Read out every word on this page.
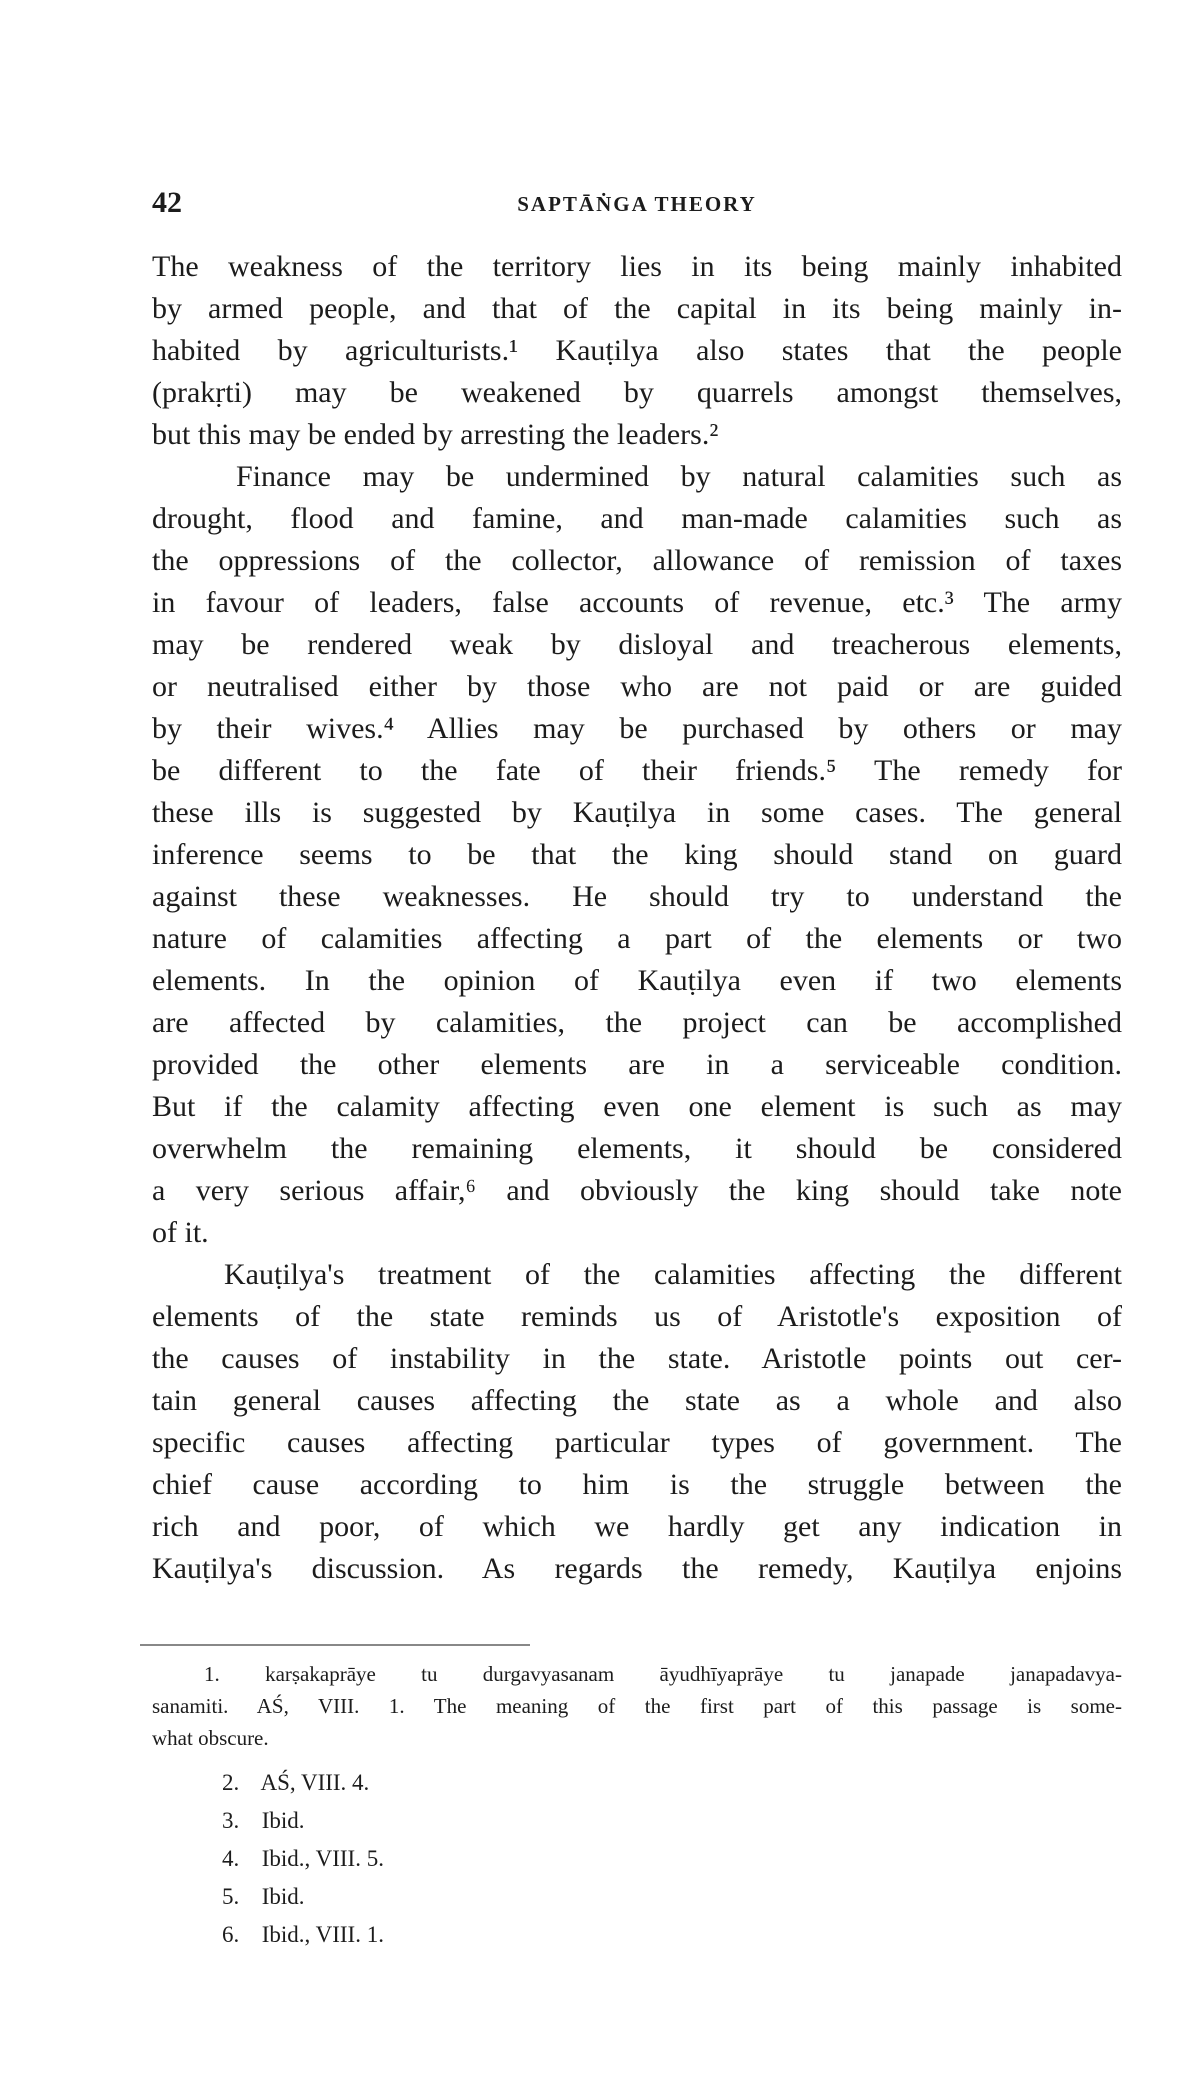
42	SAPTĀṄGA THEORY
The weakness of the territory lies in its being mainly inhabited
by armed people, and that of the capital in its being mainly in-
habited by agriculturists.¹ Kauṭilya also states that the people
(prakṛti) may be weakened by quarrels amongst themselves,
but this may be ended by arresting the leaders.²
Finance may be undermined by natural calamities such as
drought, flood and famine, and man-made calamities such as
the oppressions of the collector, allowance of remission of taxes
in favour of leaders, false accounts of revenue, etc.³ The army
may be rendered weak by disloyal and treacherous elements,
or neutralised either by those who are not paid or are guided
by their wives.⁴ Allies may be purchased by others or may
be different to the fate of their friends.⁵ The remedy for
these ills is suggested by Kauṭilya in some cases. The general
inference seems to be that the king should stand on guard
against these weaknesses. He should try to understand the
nature of calamities affecting a part of the elements or two
elements. In the opinion of Kauṭilya even if two elements
are affected by calamities, the project can be accomplished
provided the other elements are in a serviceable condition.
But if the calamity affecting even one element is such as may
overwhelm the remaining elements, it should be considered
a very serious affair,⁶ and obviously the king should take note
of it.
Kauṭilya's treatment of the calamities affecting the different
elements of the state reminds us of Aristotle's exposition of
the causes of instability in the state. Aristotle points out cer-
tain general causes affecting the state as a whole and also
specific causes affecting particular types of government. The
chief cause according to him is the struggle between the
rich and poor, of which we hardly get any indication in
Kauṭilya's discussion. As regards the remedy, Kauṭilya enjoins
1. karṣakaprāye tu durgavyasanam āyudhīyaprāye tu janapade janapadavya-
sanamiti. AŚ, VIII. 1. The meaning of the first part of this passage is some-
what obscure.
2. AŚ, VIII. 4.
3. Ibid.
4. Ibid., VIII. 5.
5. Ibid.
6. Ibid., VIII. 1.
